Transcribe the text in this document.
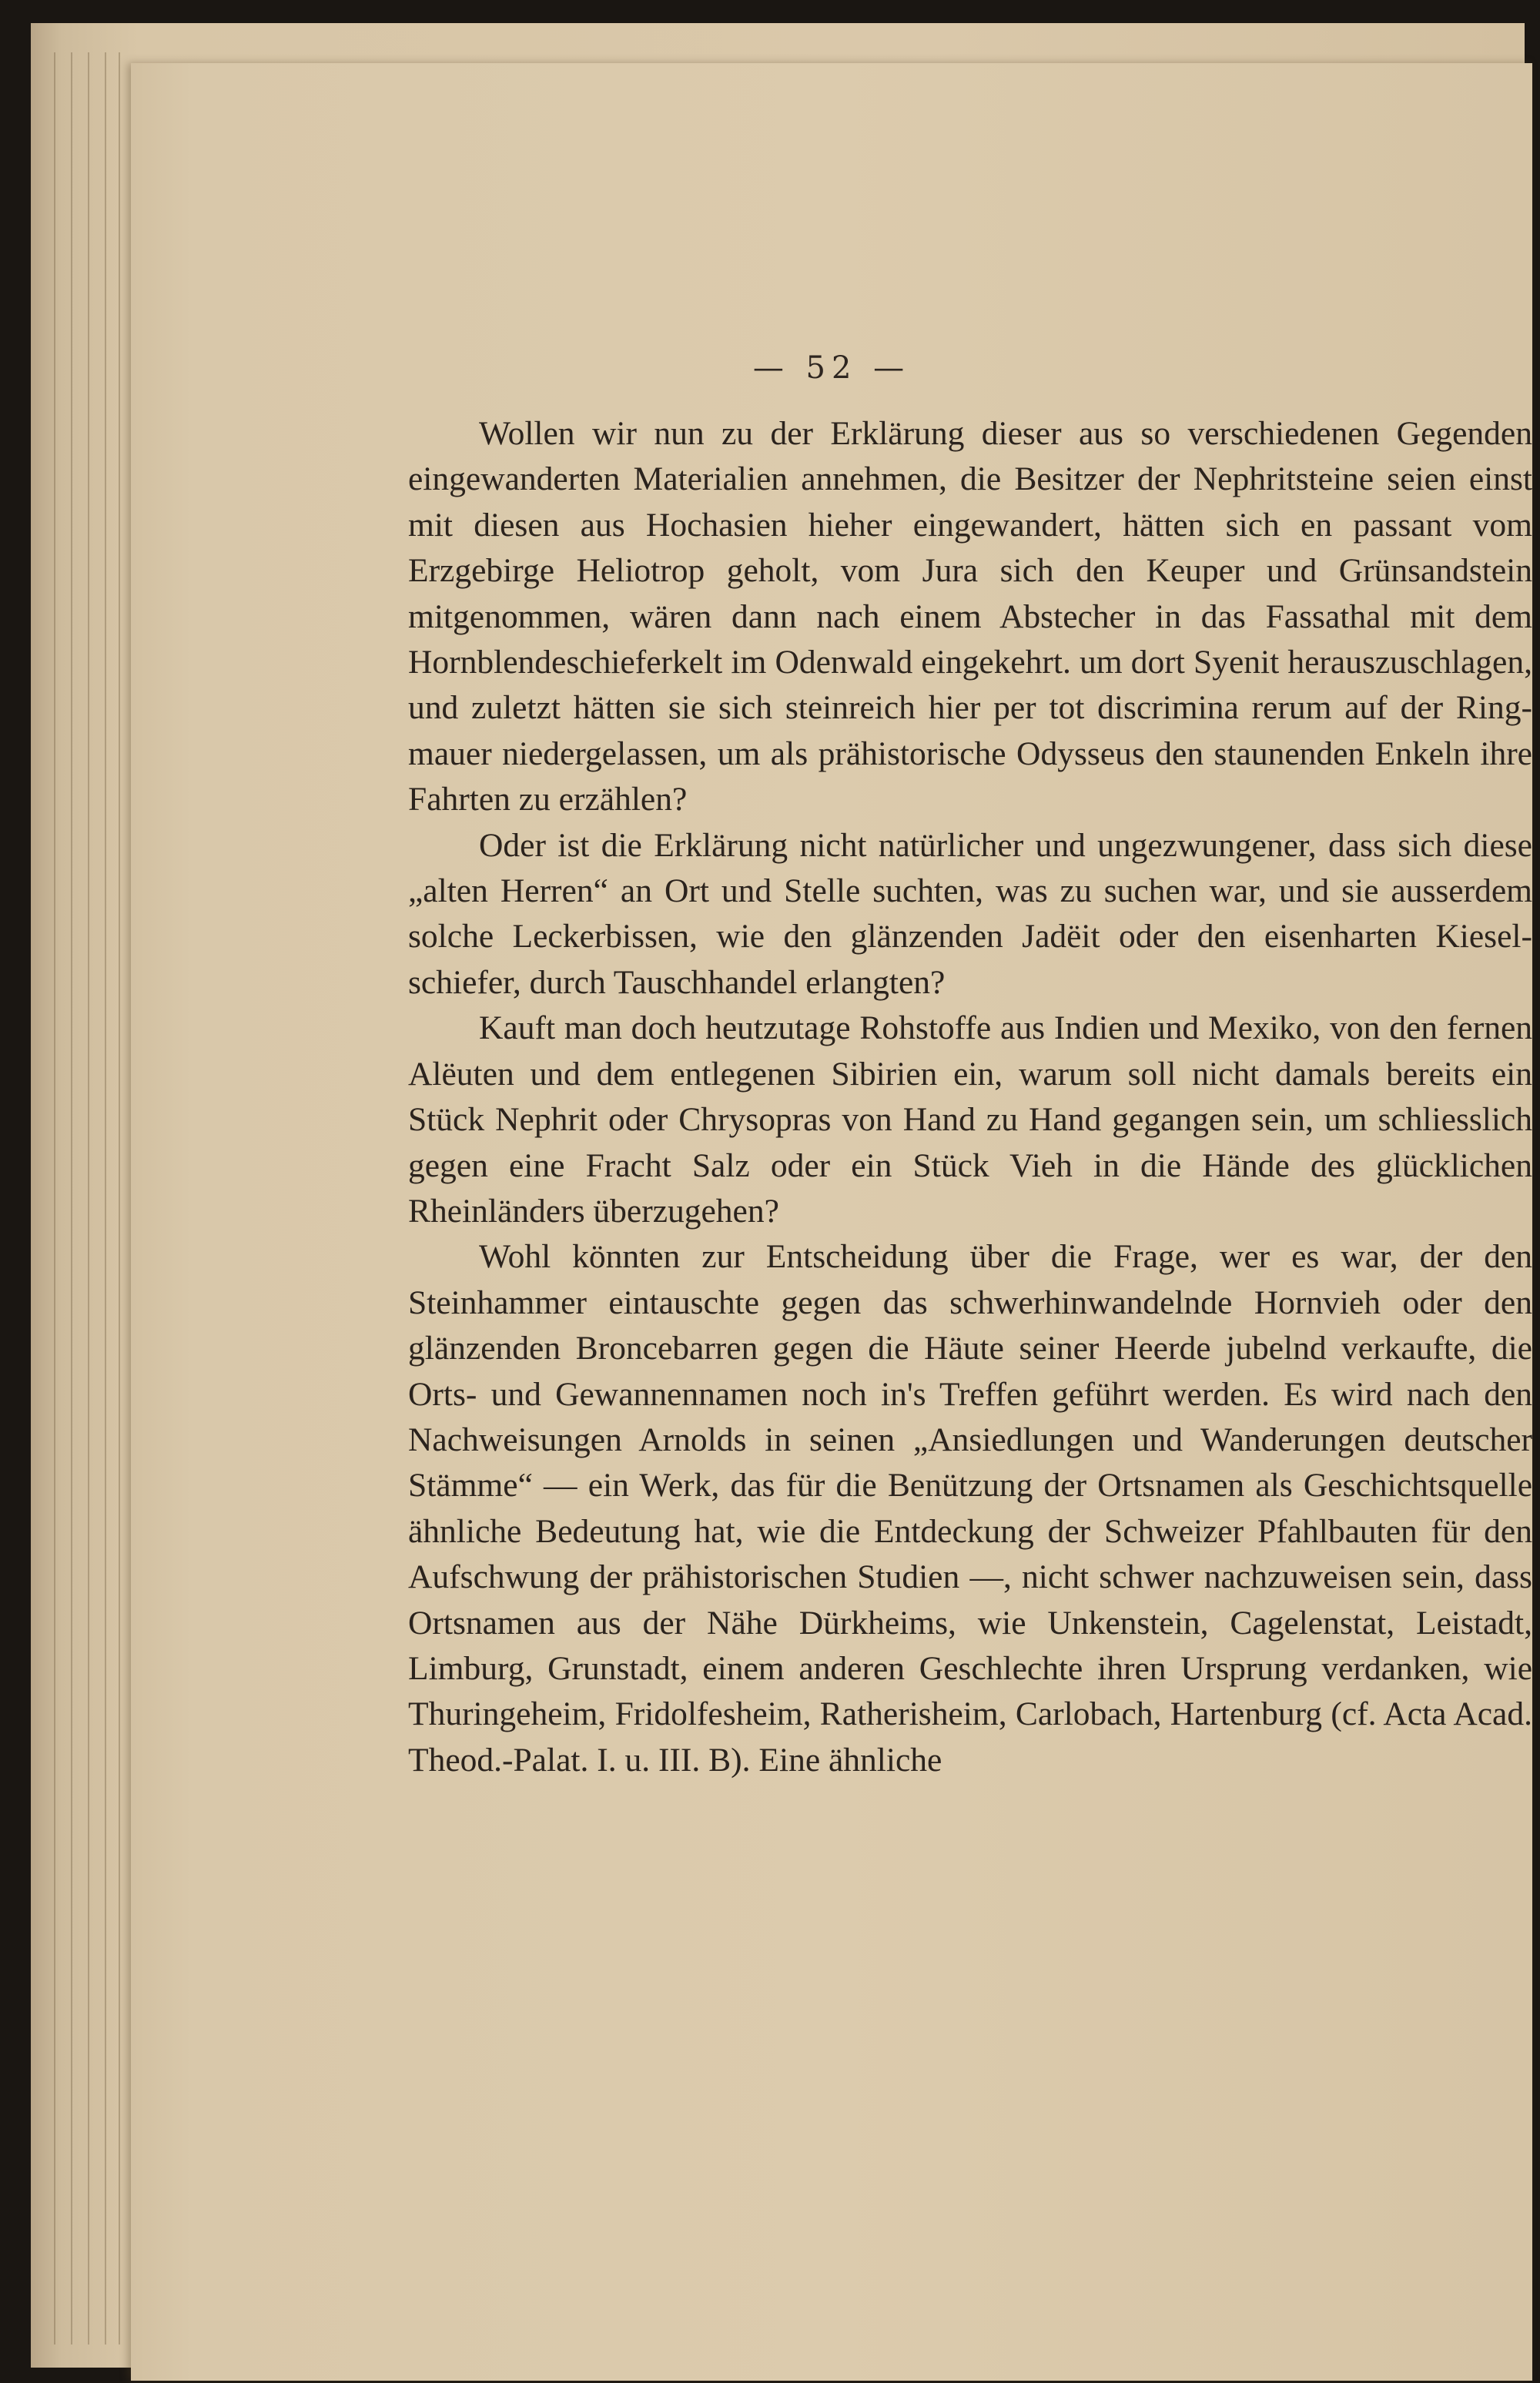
— 52 —

Wollen wir nun zu der Erklärung dieser aus so verschiedenen Gegenden eingewanderten Materialien annehmen, die Besitzer der Nephritsteine seien einst mit diesen aus Hochasien hieher eingewandert, hätten sich en passant vom Erzgebirge Heliotrop geholt, vom Jura sich den Keuper und Grünsandstein mitgenommen, wären dann nach einem Abstecher in das Fassathal mit dem Hornblendeschieferkelt im Odenwald eingekehrt. um dort Syenit herauszuschlagen, und zuletzt hätten sie sich steinreich hier per tot discrimina rerum auf der Ringmauer niedergelassen, um als prähistorische Odysseus den staunenden Enkeln ihre Fahrten zu erzählen?

Oder ist die Erklärung nicht natürlicher und ungezwungener, dass sich diese „alten Herren“ an Ort und Stelle suchten, was zu suchen war, und sie ausserdem solche Leckerbissen, wie den glänzenden Jadëit oder den eisenharten Kieselschiefer, durch Tauschhandel erlangten?

Kauft man doch heutzutage Rohstoffe aus Indien und Mexiko, von den fernen Alëuten und dem entlegenen Sibirien ein, warum soll nicht damals bereits ein Stück Nephrit oder Chrysopras von Hand zu Hand gegangen sein, um schliesslich gegen eine Fracht Salz oder ein Stück Vieh in die Hände des glücklichen Rheinländers überzugehen?

Wohl könnten zur Entscheidung über die Frage, wer es war, der den Steinhammer eintauschte gegen das schwerhinwandelnde Hornvieh oder den glänzenden Broncebarren gegen die Häute seiner Heerde jubelnd verkaufte, die Orts- und Gewannennamen noch in's Treffen geführt werden. Es wird nach den Nachweisungen Arnolds in seinen „Ansiedlungen und Wanderungen deutscher Stämme“ — ein Werk, das für die Benützung der Ortsnamen als Geschichtsquelle ähnliche Bedeutung hat, wie die Entdeckung der Schweizer Pfahlbauten für den Aufschwung der prähistorischen Studien —, nicht schwer nachzuweisen sein, dass Ortsnamen aus der Nähe Dürkheims, wie Unkenstein, Cagelenstat, Leistadt, Limburg, Grunstadt, einem anderen Geschlechte ihren Ursprung verdanken, wie Thuringeheim, Fridolfesheim, Ratherisheim, Carlobach, Hartenburg (cf. Acta Acad. Theod.-Palat. I. u. III. B). Eine ähnliche
